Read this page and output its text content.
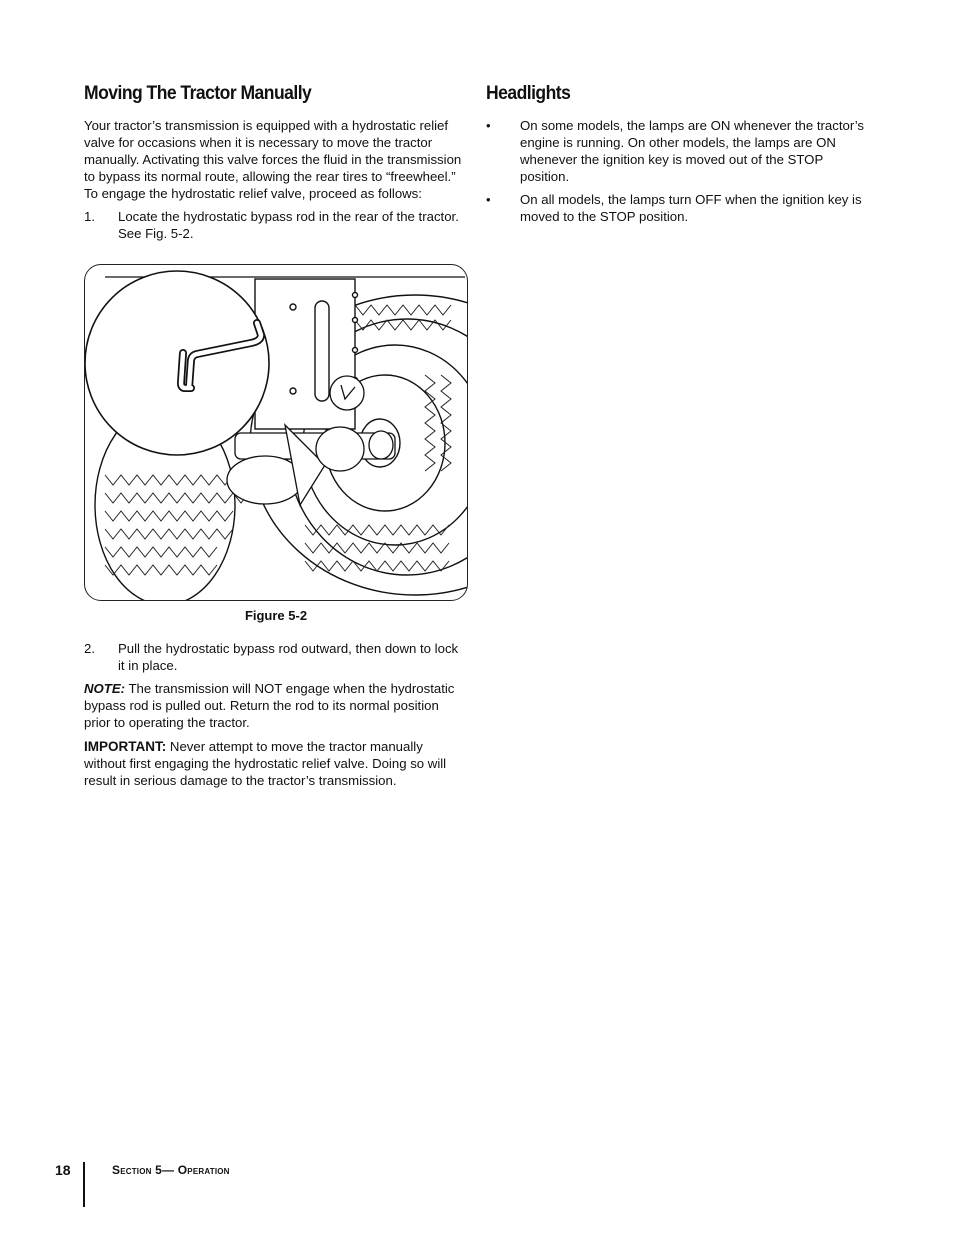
Moving The Tractor Manually

Your tractor’s transmission is equipped with a hydrostatic relief valve for occasions when it is necessary to move the tractor manually. Activating this valve forces the fluid in the transmission to bypass its normal route, allowing the rear tires to “freewheel.” To engage the hydrostatic relief valve, proceed as follows:

1.	Locate the hydrostatic bypass rod in the rear of the tractor. See Fig. 5-2.
Figure 5-2
2.	Pull the hydrostatic bypass rod outward, then down to lock it in place.

NOTE: The transmission will NOT engage when the hydrostatic bypass rod is pulled out. Return the rod to its normal position prior to operating the tractor.

IMPORTANT: Never attempt to move the tractor manually without first engaging the hydrostatic relief valve. Doing so will result in serious damage to the tractor’s transmission.

Headlights
•	On some models, the lamps are ON whenever the tractor’s engine is running. On other models, the lamps are ON whenever the ignition key is moved out of the STOP position.
•	On all models, the lamps turn OFF when the ignition key is moved to the STOP position.
18	Section 5— Operation
